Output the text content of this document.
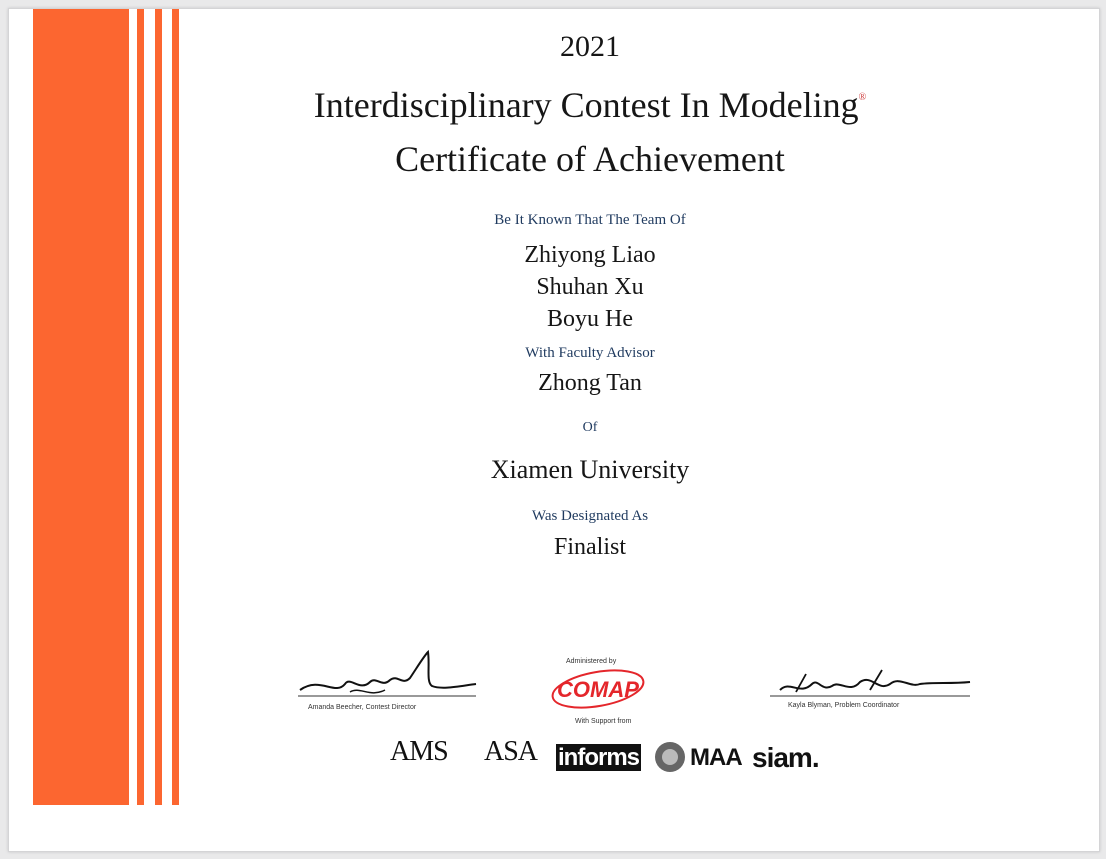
2021
Interdisciplinary Contest In Modeling®
Certificate of Achievement
Be It Known That The Team Of
Zhiyong Liao
Shuhan Xu
Boyu He
With Faculty Advisor
Zhong Tan
Of
Xiamen University
Was Designated As
Finalist
Amanda Beecher, Contest Director	Kayla Blyman, Problem Coordinator
Administered by
COMAP
With Support from
AMS ASA informs MAA siam.
